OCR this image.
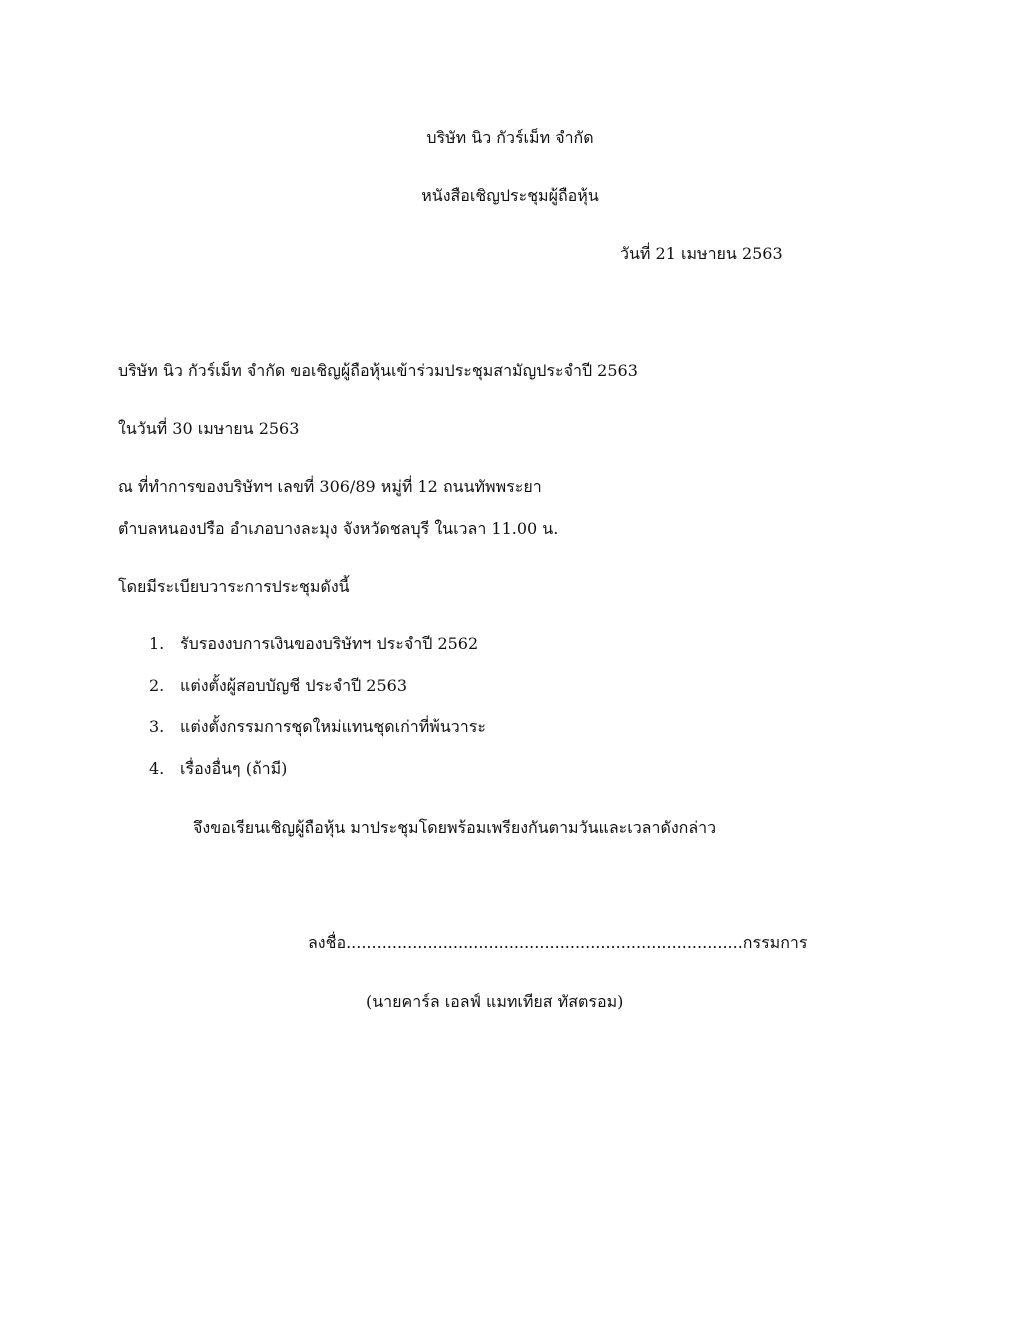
บริษัท นิว กัวร์เม็ท จำกัด
หนังสือเชิญประชุมผู้ถือหุ้น
วันที่ 21 เมษายน 2563
บริษัท นิว กัวร์เม็ท จำกัด ขอเชิญผู้ถือหุ้นเข้าร่วมประชุมสามัญประจำปี 2563
ในวันที่ 30 เมษายน 2563
ณ ที่ทำการของบริษัทฯ เลขที่ 306/89 หมู่ที่ 12 ถนนทัพพระยา
ตำบลหนองปรือ อำเภอบางละมุง จังหวัดชลบุรี ในเวลา 11.00 น.
โดยมีระเบียบวาระการประชุมดังนี้
1. รับรองงบการเงินของบริษัทฯ ประจำปี 2562
2. แต่งตั้งผู้สอบบัญชี ประจำปี 2563
3. แต่งตั้งกรรมการชุดใหม่แทนชุดเก่าที่พ้นวาระ
4. เรื่องอื่นๆ (ถ้ามี)
จึงขอเรียนเชิญผู้ถือหุ้น มาประชุมโดยพร้อมเพรียงกันตามวันและเวลาดังกล่าว
ลงชื่อ..............................................................................กรรมการ
(นายคาร์ล เอลฟ์ แมทเทียส ทัสตรอม)
